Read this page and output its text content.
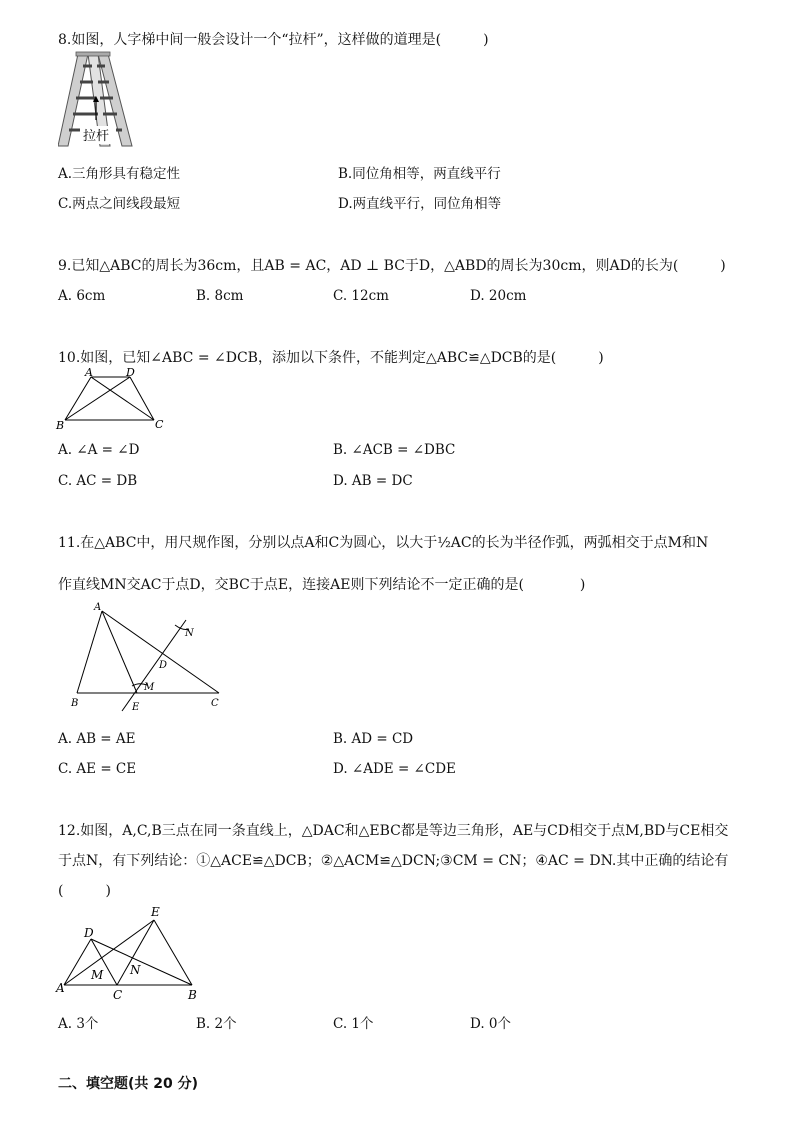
8.如图，人字梯中间一般会设计一个“拉杆”，这样做的道理是(　　　)
拉杆
A.三角形具有稳定性	B.同位角相等，两直线平行
C.两点之间线段最短	D.两直线平行，同位角相等
9.已知△ABC的周长为36cm，且AB = AC，AD ⊥ BC于D，△ABD的周长为30cm，则AD的长为(　　　)
A. 6cm	B. 8cm	C. 12cm	D. 20cm
10.如图，已知∠ABC = ∠DCB，添加以下条件，不能判定△ABC≌△DCB的是(　　　)
A	D
B	C
A. ∠A = ∠D	B. ∠ACB = ∠DBC
C. AC = DB	D. AB = DC
11.在△ABC中，用尺规作图，分别以点A和C为圆心，以大于½AC的长为半径作弧，两弧相交于点M和N
作直线MN交AC于点D，交BC于点E，连接AE则下列结论不一定正确的是(　　　　)
A
N
D
M
B	E	C
A. AB = AE	B. AD = CD
C. AE = CE	D. ∠ADE = ∠CDE
12.如图，A,C,B三点在同一条直线上，△DAC和△EBC都是等边三角形，AE与CD相交于点M,BD与CE相交
于点N，有下列结论：①△ACE≌△DCB；②△ACM≌△DCN;③CM = CN；④AC = DN.其中正确的结论有
(　　　)
E
D
N
M
A	C	B
A. 3个	B. 2个	C. 1个	D. 0个
二、填空题(共 20 分)
